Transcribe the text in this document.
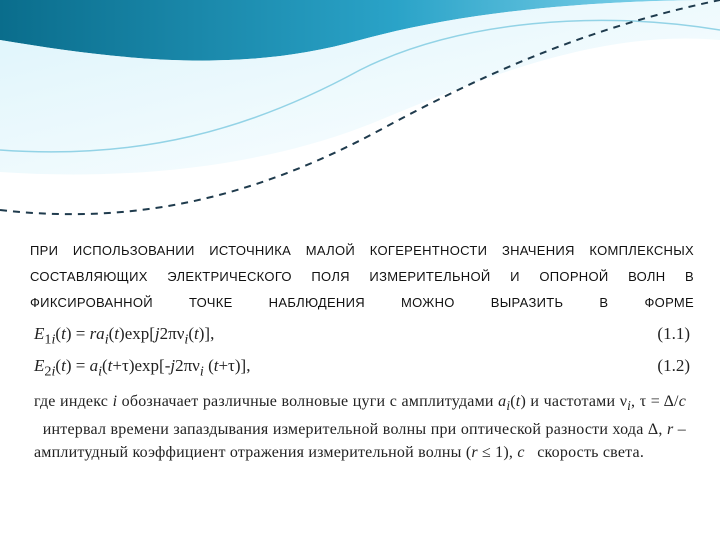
ПРИ ИСПОЛЬЗОВАНИИ ИСТОЧНИКА МАЛОЙ КОГЕРЕНТНОСТИ ЗНАЧЕНИЯ КОМПЛЕКСНЫХ СОСТАВЛЯЮЩИХ ЭЛЕКТРИЧЕСКОГО ПОЛЯ ИЗМЕРИТЕЛЬНОЙ И ОПОРНОЙ ВОЛН В ФИКСИРОВАННОЙ ТОЧКЕ НАБЛЮДЕНИЯ МОЖНО ВЫРАЗИТЬ В ФОРМЕ

$E_{1i}(t) = ra_i(t)\exp[j2\pi\nu_i(t)]$,	(1.1)
$E_{2i}(t) = a_i(t+\tau)\exp[-j2\pi\nu_i$ (t+τ)],	(1.2)

где индекс i обозначает различные волновые цуги с амплитудами $a_i(t)$ и частотами $\nu_i$, τ = Δ/c   интервал времени запаздывания измерительной волны при оптической разности хода Δ, r – амплитудный коэффициент отражения измерительной волны (r ≤ 1), c   скорость света.
